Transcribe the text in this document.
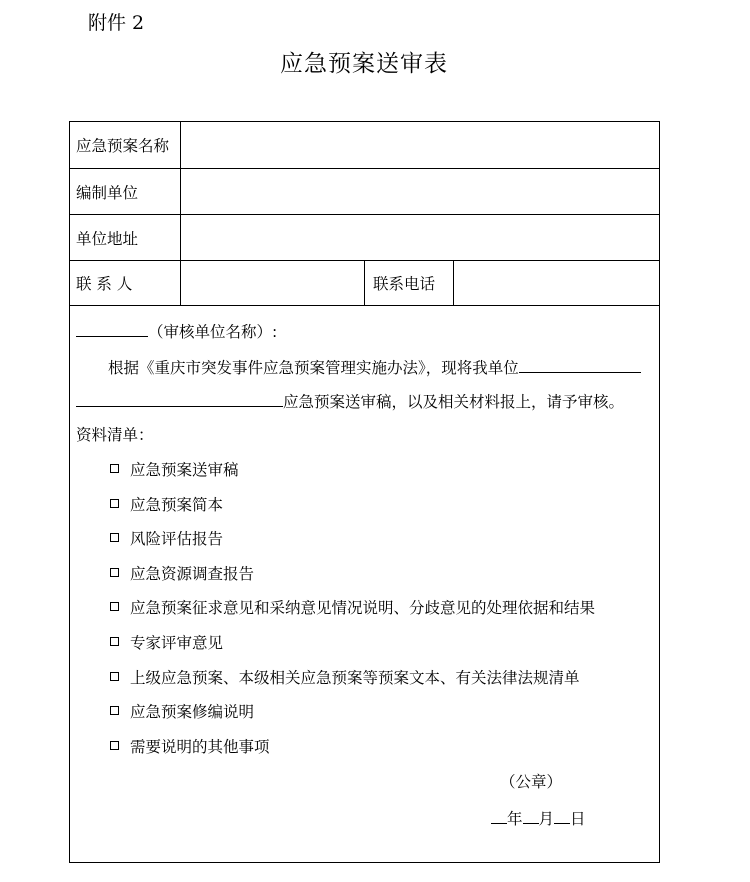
附件 2
应急预案送审表
应急预案名称
编制单位
单位地址
联 系 人	联系电话
（审核单位名称）:
根据《重庆市突发事件应急预案管理实施办法》，现将我单位
应急预案送审稿，以及相关材料报上，请予审核。
资料清单：
应急预案送审稿
应急预案简本
风险评估报告
应急资源调查报告
应急预案征求意见和采纳意见情况说明、分歧意见的处理依据和结果
专家评审意见
上级应急预案、本级相关应急预案等预案文本、有关法律法规清单
应急预案修编说明
需要说明的其他事项
（公章）
年 月 日
